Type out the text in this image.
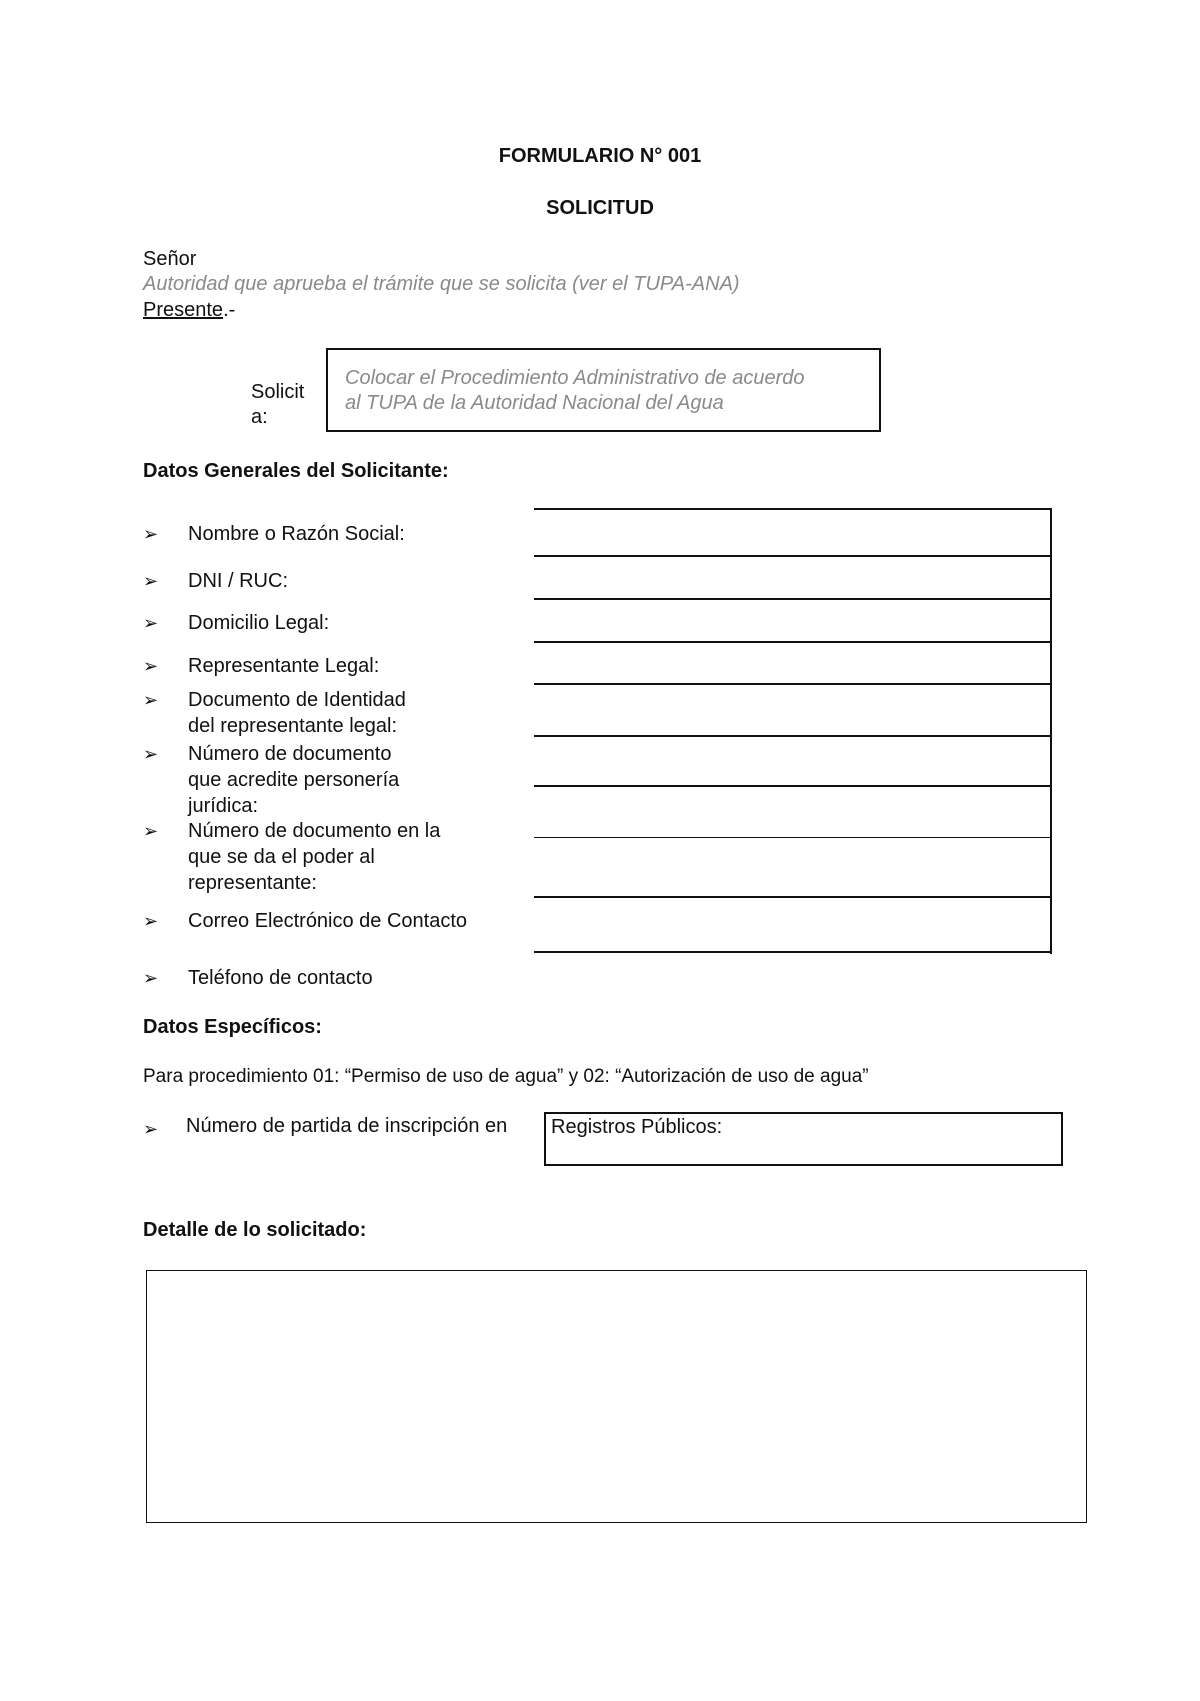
FORMULARIO N° 001
SOLICITUD
Señor
Autoridad que aprueba el trámite que se solicita (ver el TUPA-ANA)
Presente.-
Solicit
a:
Colocar el Procedimiento Administrativo de acuerdo
al TUPA de la Autoridad Nacional del Agua
Datos Generales del Solicitante:
➢ Nombre o Razón Social:
➢ DNI / RUC:
➢ Domicilio Legal:
➢ Representante Legal:
➢ Documento de Identidad
del representante legal:
➢ Número de documento
que acredite personería
jurídica:
➢ Número de documento en la
que se da el poder al
representante:
➢ Correo Electrónico de Contacto
➢ Teléfono de contacto
Datos Específicos:
Para procedimiento 01: “Permiso de uso de agua” y 02: “Autorización de uso de agua”
➢ Número de partida de inscripción en Registros Públicos:
Detalle de lo solicitado:
